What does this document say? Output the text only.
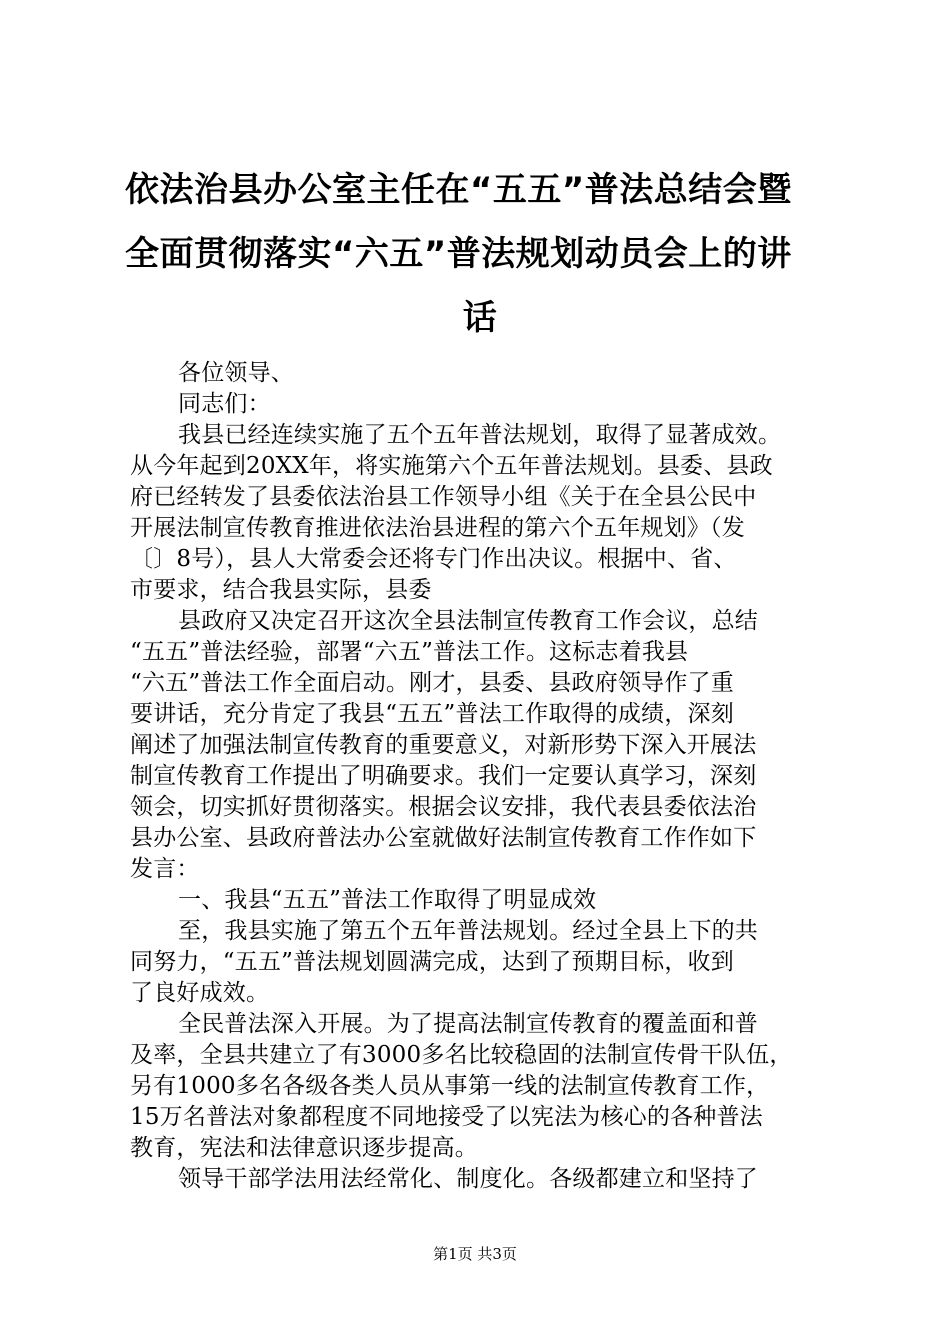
依法治县办公室主任在“五五”普法总结会暨
全面贯彻落实“六五”普法规划动员会上的讲
话
各位领导、
同志们：
我县已经连续实施了五个五年普法规划，取得了显著成效。
从今年起到20XX年，将实施第六个五年普法规划。县委、县政
府已经转发了县委依法治县工作领导小组《关于在全县公民中
开展法制宣传教育推进依法治县进程的第六个五年规划》（发
〔〕8号），县人大常委会还将专门作出决议。根据中、省、
市要求，结合我县实际，县委
县政府又决定召开这次全县法制宣传教育工作会议，总结
“五五”普法经验，部署“六五”普法工作。这标志着我县
“六五”普法工作全面启动。刚才，县委、县政府领导作了重
要讲话，充分肯定了我县“五五”普法工作取得的成绩，深刻
阐述了加强法制宣传教育的重要意义，对新形势下深入开展法
制宣传教育工作提出了明确要求。我们一定要认真学习，深刻
领会，切实抓好贯彻落实。根据会议安排，我代表县委依法治
县办公室、县政府普法办公室就做好法制宣传教育工作作如下
发言：
一、我县“五五”普法工作取得了明显成效
至，我县实施了第五个五年普法规划。经过全县上下的共
同努力，“五五”普法规划圆满完成，达到了预期目标，收到
了良好成效。
全民普法深入开展。为了提高法制宣传教育的覆盖面和普
及率，全县共建立了有3000多名比较稳固的法制宣传骨干队伍，
另有1000多名各级各类人员从事第一线的法制宣传教育工作，
15万名普法对象都程度不同地接受了以宪法为核心的各种普法
教育，宪法和法律意识逐步提高。
领导干部学法用法经常化、制度化。各级都建立和坚持了
第1页 共3页
